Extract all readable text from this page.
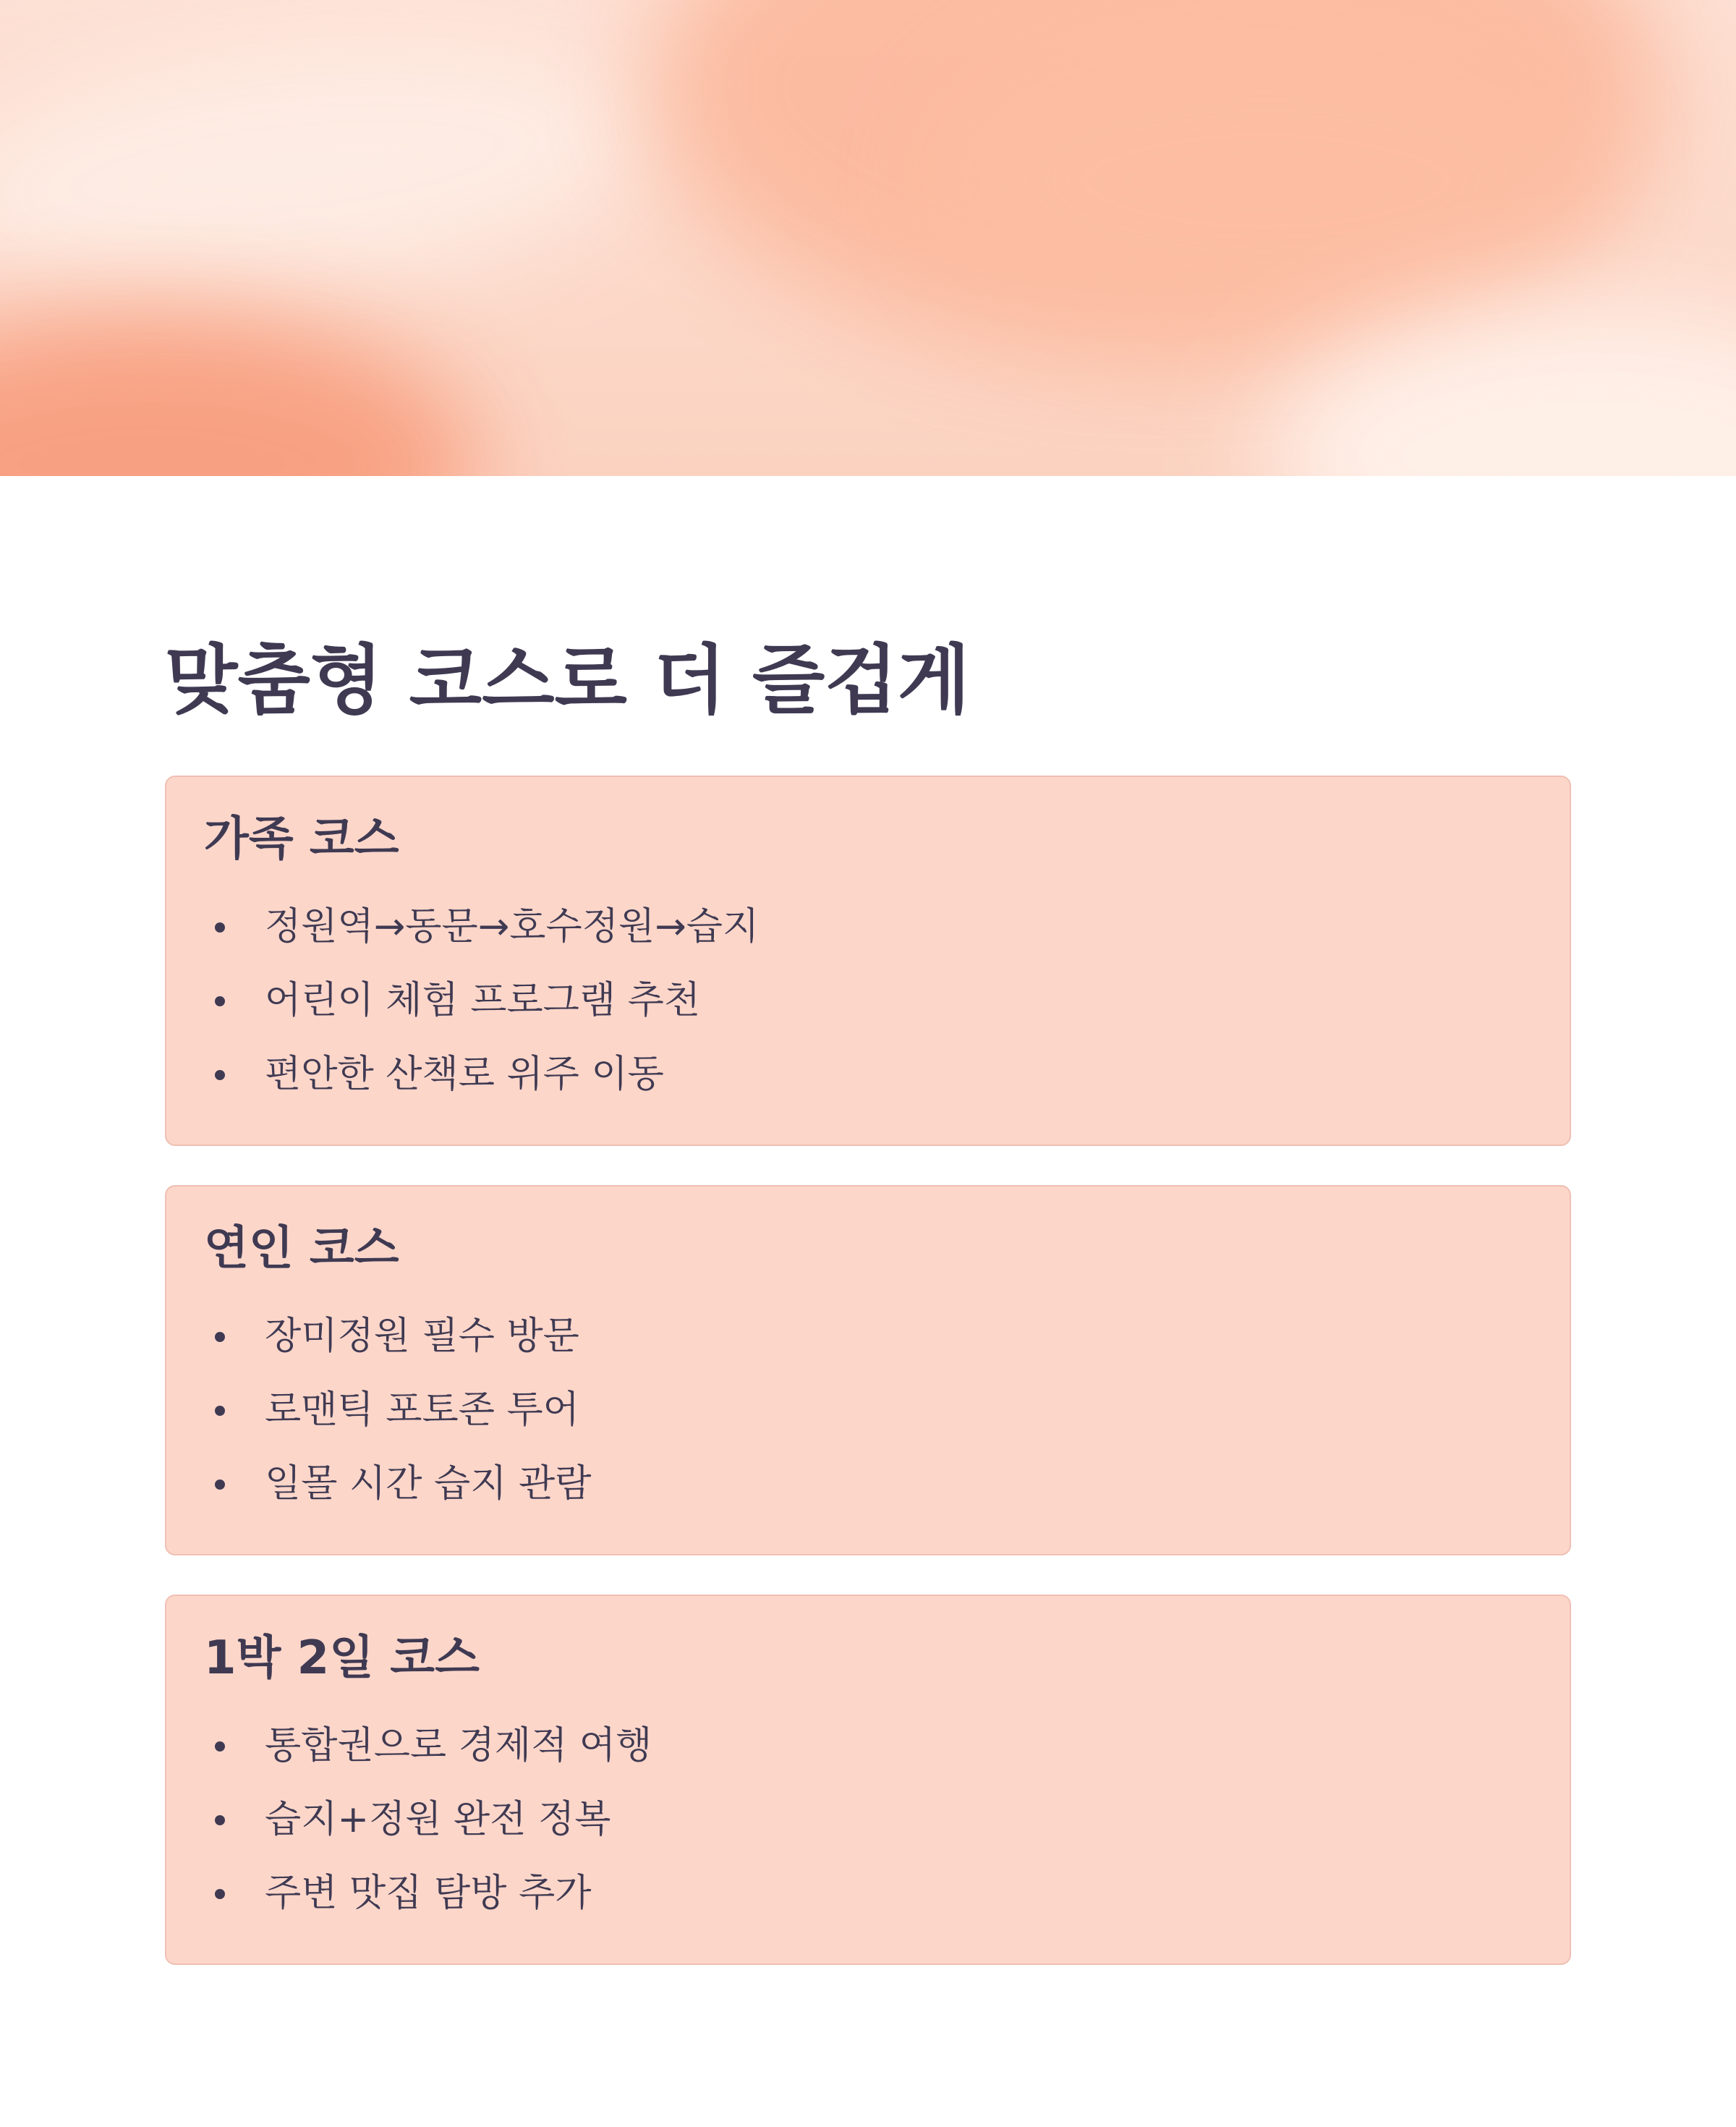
맞춤형 코스로 더 즐겁게
가족 코스
정원역→동문→호수정원→습지
어린이 체험 프로그램 추천
편안한 산책로 위주 이동
연인 코스
장미정원 필수 방문
로맨틱 포토존 투어
일몰 시간 습지 관람
1박 2일 코스
통합권으로 경제적 여행
습지+정원 완전 정복
주변 맛집 탐방 추가
